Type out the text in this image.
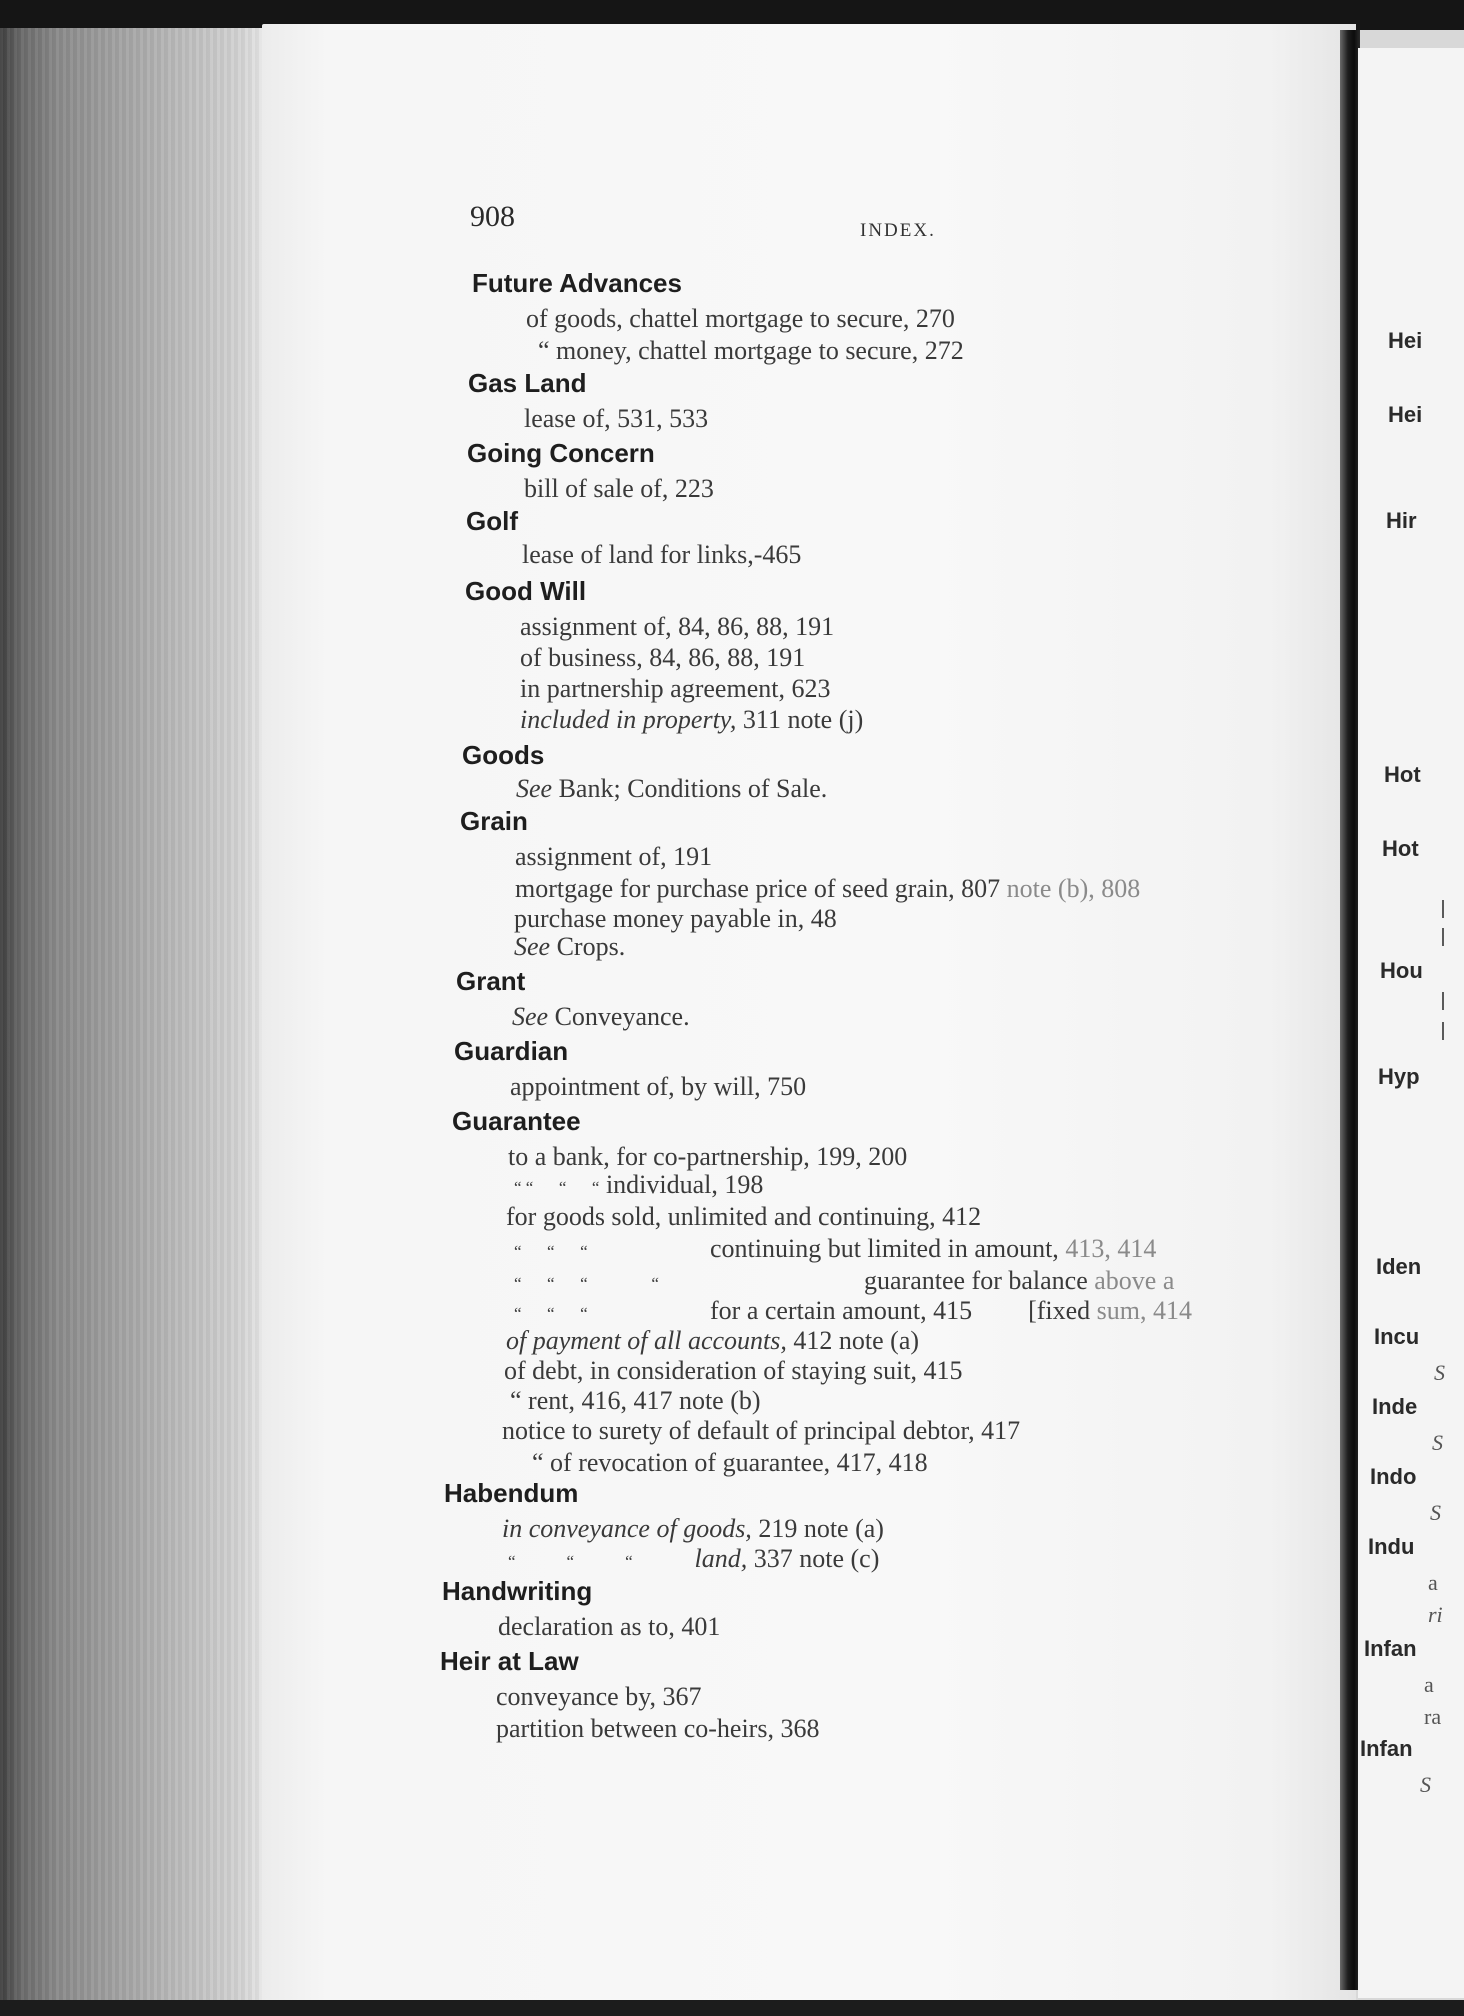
908	INDEX.
Future Advances
of goods, chattel mortgage to secure, 270
“ money, chattel mortgage to secure, 272
Gas Land
lease of, 531, 533
Going Concern
bill of sale of, 223
Golf
lease of land for links,-465
Good Will
assignment of, 84, 86, 88, 191
of business, 84, 86, 88, 191
in partnership agreement, 623
included in property, 311 note (j)
Goods
See Bank; Conditions of Sale.
Grain
assignment of, 191
mortgage for purchase price of seed grain, 807 note (b), 808
purchase money payable in, 48
See Crops.
Grant
See Conveyance.
Guardian
appointment of, by will, 750
Guarantee
to a bank, for co-partnership, 199, 200
“ “      “      “ individual, 198
for goods sold, unlimited and continuing, 412
“      “      “	continuing but limited in amount, 413, 414
“      “      “               “	guarantee for balance above a
“      “      “	for a certain amount, 415 [fixed sum, 414
of payment of all accounts, 412 note (a)
of debt, in consideration of staying suit, 415
“ rent, 416, 417 note (b)
notice to surety of default of principal debtor, 417
“ of revocation of guarantee, 417, 418
Habendum
in conveyance of goods, 219 note (a)
“            “            “ land, 337 note (c)
Handwriting
declaration as to, 401
Heir at Law
conveyance by, 367
partition between co-heirs, 368
Hei
Hei
Hir
Hot
Hot
Hou
Hyp
Iden
Incu
S
Inde
S
Indo
S
Indu
a
ri
Infan
a
ra
Infan
S
